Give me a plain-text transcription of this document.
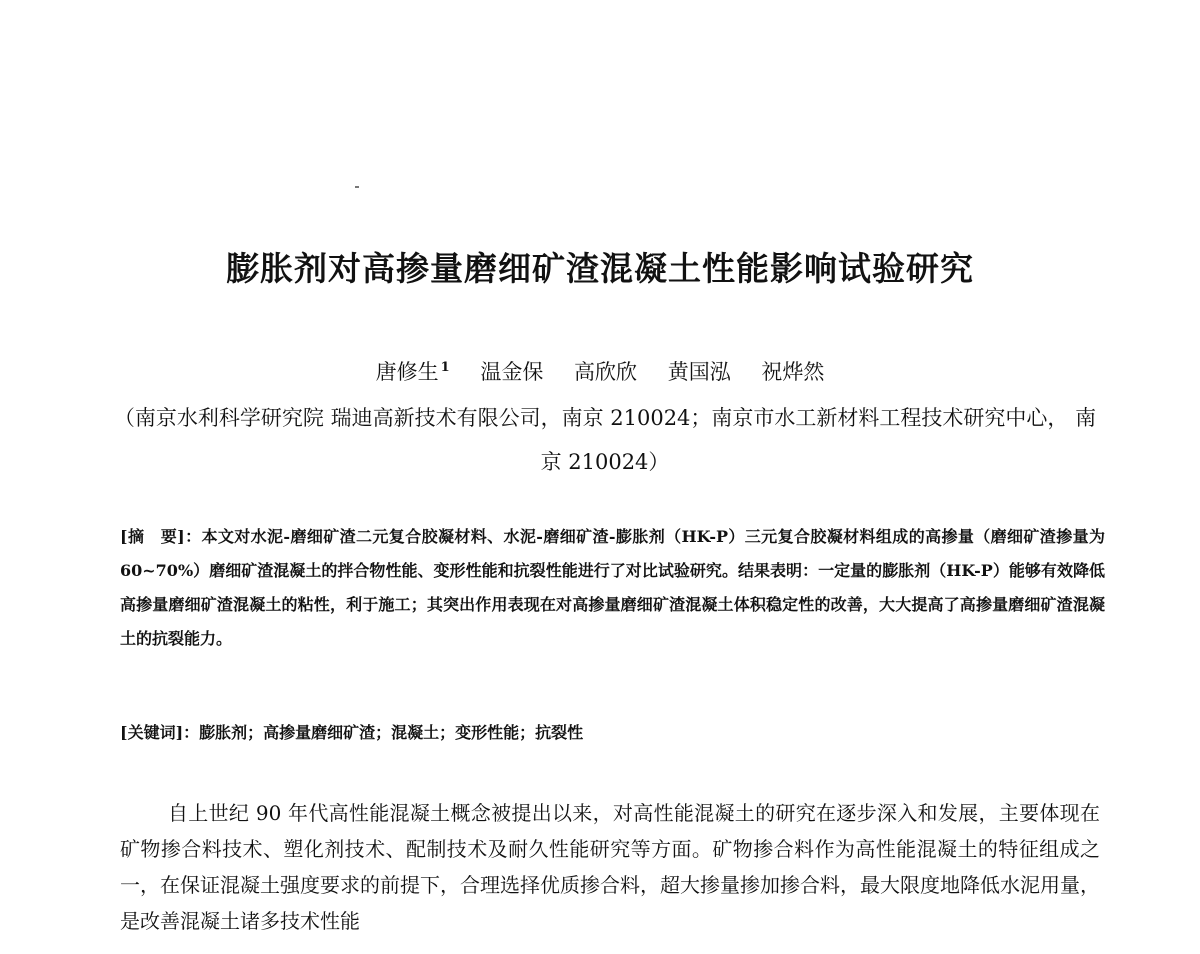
膨胀剂对高掺量磨细矿渣混凝土性能影响试验研究
唐修生 $^1$ 温金保 高欣欣 黄国泓 祝烨然
（南京水利科学研究院 瑞迪高新技术有限公司，南京 210024；南京市水工新材料工程技术研究中心， 南京 210024）
[摘　要]：本文对水泥-磨细矿渣二元复合胶凝材料、水泥-磨细矿渣-膨胀剂（HK-P）三元复合胶凝材料组成的高掺量（磨细矿渣掺量为 60~70%）磨细矿渣混凝土的拌合物性能、变形性能和抗裂性能进行了对比试验研究。结果表明：一定量的膨胀剂（HK-P）能够有效降低高掺量磨细矿渣混凝土的粘性，利于施工；其突出作用表现在对高掺量磨细矿渣混凝土体积稳定性的改善，大大提高了高掺量磨细矿渣混凝土的抗裂能力。
[关键词]：膨胀剂；高掺量磨细矿渣；混凝土；变形性能；抗裂性
自上世纪 90 年代高性能混凝土概念被提出以来，对高性能混凝土的研究在逐步深入和发展，主要体现在矿物掺合料技术、塑化剂技术、配制技术及耐久性能研究等方面。矿物掺合料作为高性能混凝土的特征组成之一，在保证混凝土强度要求的前提下，合理选择优质掺合料，超大掺量掺加掺合料，最大限度地降低水泥用量，是改善混凝土诸多技术性能
